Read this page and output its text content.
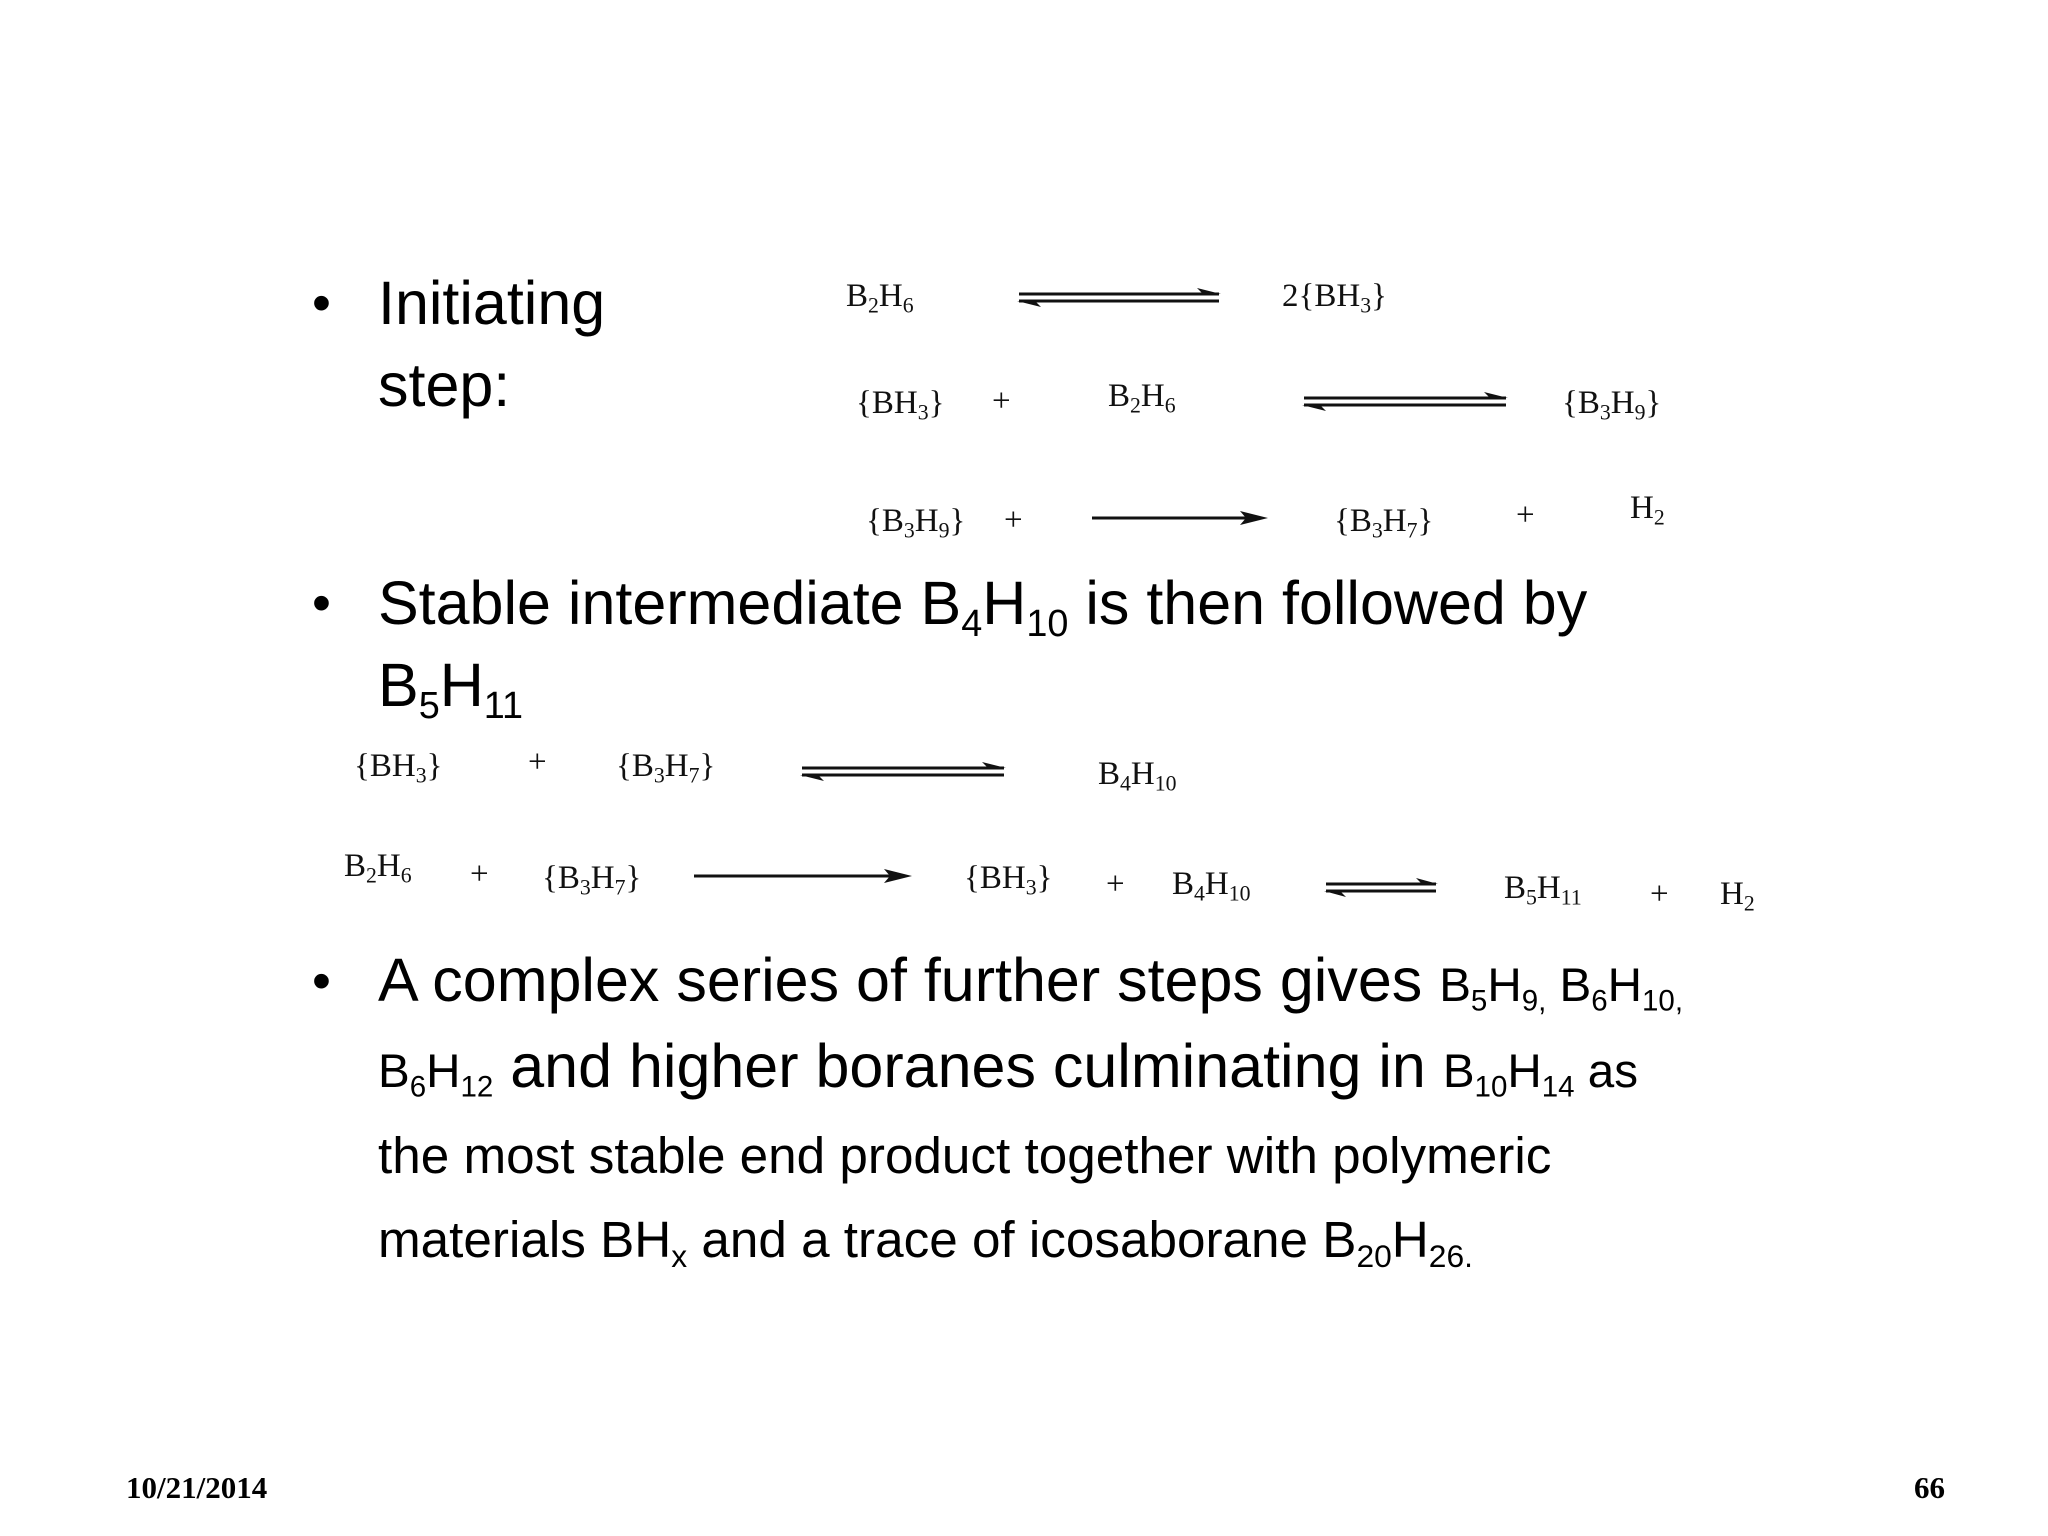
• Initiating step:
$B_2H_6$	$2\{BH_3\}$
$\{BH_3\}$ +	$B_2H_6$	$\{B_3H_9\}$
$\{B_3H_9\}$ +	$\{B_3H_7\}$	+	$H_2$
• Stable intermediate $B_4H_{10}$ is then followed by
$B_5H_{11}$
$\{BH_3\}$	+ $\{B_3H_7\}$	$B_4H_{10}$
$B_2H_6 + \{B_3H_7\}$	$\{BH_3\} + B_4H_{10}$	$B_5H_{11} + H_2$
• A complex series of further steps gives $B_5H_{9,}$ $B_6H_{10,}$
$B_6H_{12}$ and higher boranes culminating in $B_{10}H_{14}$ as
the most stable end product together with polymeric
materials $BH_x$ and a trace of icosaborane $B_{20}H_{26.}$
10/21/2014	66
